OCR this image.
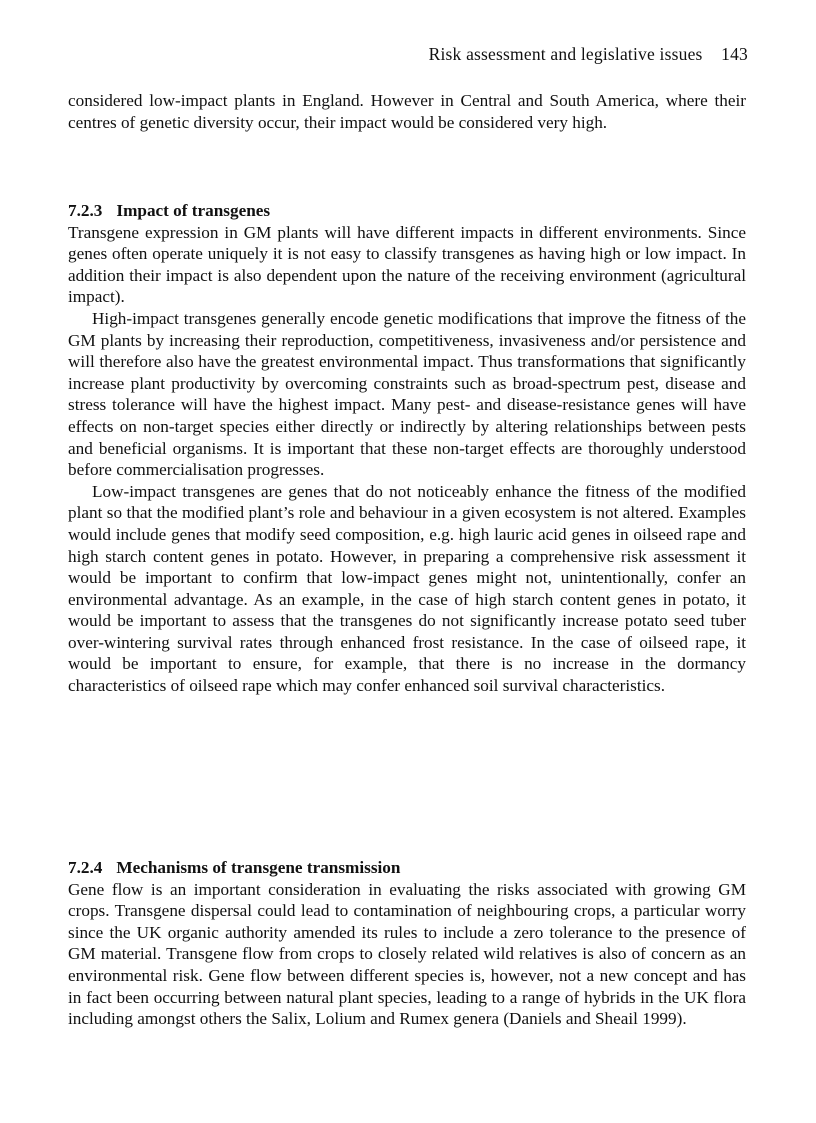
Risk assessment and legislative issues 143

considered low-impact plants in England. However in Central and South America, where their centres of genetic diversity occur, their impact would be considered very high.

7.2.3 Impact of transgenes

Transgene expression in GM plants will have different impacts in different environments. Since genes often operate uniquely it is not easy to classify transgenes as having high or low impact. In addition their impact is also dependent upon the nature of the receiving environment (agricultural impact).

High-impact transgenes generally encode genetic modifications that improve the fitness of the GM plants by increasing their reproduction, competitiveness, invasiveness and/or persistence and will therefore also have the greatest environmental impact. Thus transformations that significantly increase plant productivity by overcoming constraints such as broad-spectrum pest, disease and stress tolerance will have the highest impact. Many pest- and disease-resistance genes will have effects on non-target species either directly or indirectly by altering relationships between pests and beneficial organisms. It is important that these non-target effects are thoroughly understood before commercialisation progresses.

Low-impact transgenes are genes that do not noticeably enhance the fitness of the modified plant so that the modified plant’s role and behaviour in a given ecosystem is not altered. Examples would include genes that modify seed composition, e.g. high lauric acid genes in oilseed rape and high starch content genes in potato. However, in preparing a comprehensive risk assessment it would be important to confirm that low-impact genes might not, unintentionally, confer an environmental advantage. As an example, in the case of high starch content genes in potato, it would be important to assess that the transgenes do not significantly increase potato seed tuber over-wintering survival rates through enhanced frost resistance. In the case of oilseed rape, it would be important to ensure, for example, that there is no increase in the dormancy characteristics of oilseed rape which may confer enhanced soil survival characteristics.

7.2.4 Mechanisms of transgene transmission

Gene flow is an important consideration in evaluating the risks associated with growing GM crops. Transgene dispersal could lead to contamination of neighbouring crops, a particular worry since the UK organic authority amended its rules to include a zero tolerance to the presence of GM material. Transgene flow from crops to closely related wild relatives is also of concern as an environmental risk. Gene flow between different species is, however, not a new concept and has in fact been occurring between natural plant species, leading to a range of hybrids in the UK flora including amongst others the Salix, Lolium and Rumex genera (Daniels and Sheail 1999).
